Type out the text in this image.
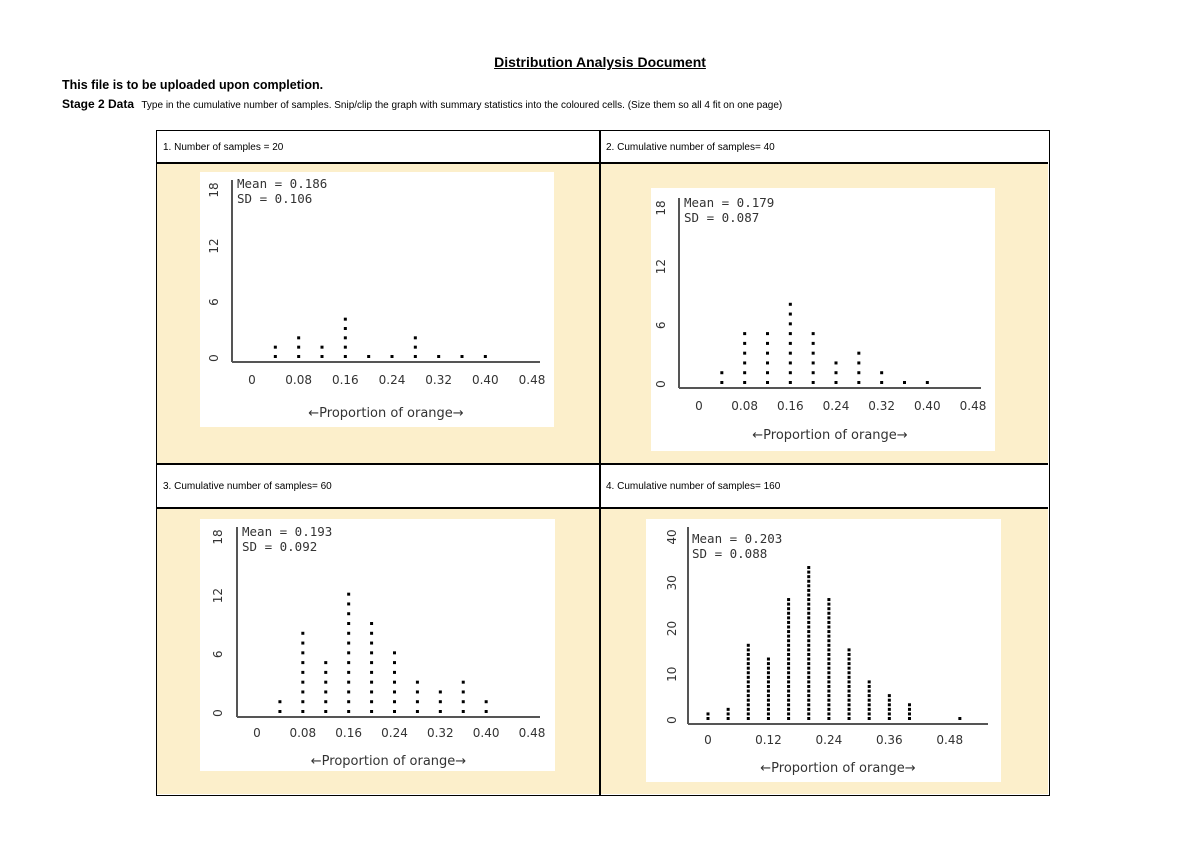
Distribution Analysis Document
This file is to be uploaded upon completion.
Stage 2 Data Type in the cumulative number of samples. Snip/clip the graph with summary statistics into the coloured cells. (Size them so all 4 fit on one page)
1. Number of samples = 20	2. Cumulative number of samples= 40
3. Cumulative number of samples= 60	4. Cumulative number of samples= 160
Mean = 0.186
SD = 0.106
0 0.08 0.16 0.24 0.32 0.40 0.48
0
6
12
18
←Proportion of orange→
Mean = 0.179
SD = 0.087
0 0.08 0.16 0.24 0.32 0.40 0.48
0
6
12
18
←Proportion of orange→
Mean = 0.193
SD = 0.092
0 0.08 0.16 0.24 0.32 0.40 0.48
0
6
12
18
←Proportion of orange→
Mean = 0.203
SD = 0.088
0	0.12	0.24	0.36	0.48
0
10
20
30
40
←Proportion of orange→
